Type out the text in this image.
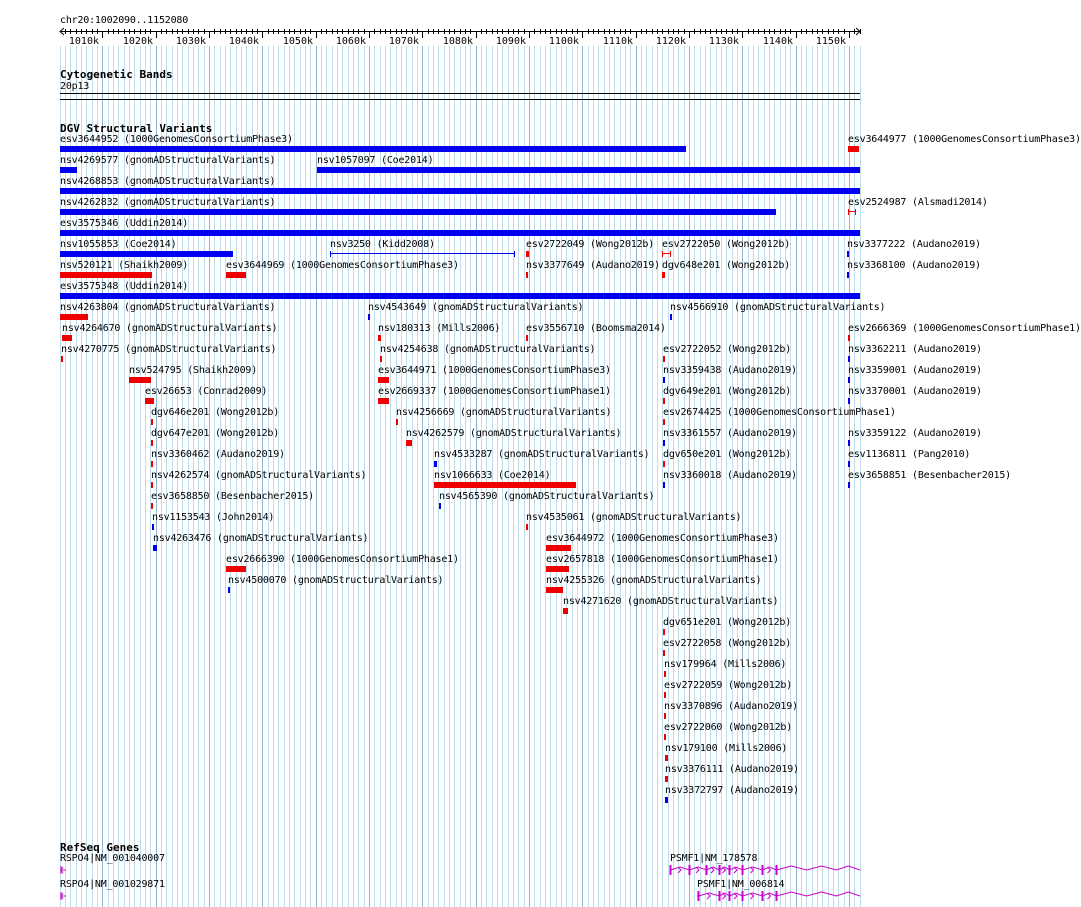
chr20:1002090..1152080
1010k 1020k 1030k 1040k 1050k 1060k 1070k 1080k 1090k 1100k 1110k 1120k 1130k 1140k 1150k
Cytogenetic Bands
20p13
DGV Structural Variants
RefSeq Genes
esv3644952 (1000GenomesConsortiumPhase3)	esv3644977 (1000GenomesConsortiumPhase3)
nsv4269577 (gnomADStructuralVariants)	nsv1057097 (Coe2014)
nsv4268853 (gnomADStructuralVariants)
nsv4262832 (gnomADStructuralVariants)	esv2524987 (Alsmadi2014)
esv3575346 (Uddin2014)
nsv1055853 (Coe2014)	nsv3250 (Kidd2008)	esv2722049 (Wong2012b) esv2722050 (Wong2012b)	nsv3377222 (Audano2019)
nsv520121 (Shaikh2009)	esv3644969 (1000GenomesConsortiumPhase3)	nsv3377649 (Audano2019) dgv648e201 (Wong2012b)	nsv3368100 (Audano2019)
esv3575348 (Uddin2014)
nsv4263804 (gnomADStructuralVariants)	nsv4543649 (gnomADStructuralVariants)	nsv4566910 (gnomADStructuralVariants)
nsv4264670 (gnomADStructuralVariants)	nsv180313 (Mills2006)	esv3556710 (Boomsma2014)	esv2666369 (1000GenomesConsortiumPhase1)
nsv4270775 (gnomADStructuralVariants)	nsv4254638 (gnomADStructuralVariants)	esv2722052 (Wong2012b)	nsv3362211 (Audano2019)
nsv524795 (Shaikh2009)	esv3644971 (1000GenomesConsortiumPhase3)	nsv3359438 (Audano2019)	nsv3359001 (Audano2019)
esv26653 (Conrad2009)	esv2669337 (1000GenomesConsortiumPhase1)	dgv649e201 (Wong2012b)	nsv3370001 (Audano2019)
dgv646e201 (Wong2012b)	nsv4256669 (gnomADStructuralVariants)	esv2674425 (1000GenomesConsortiumPhase1)
dgv647e201 (Wong2012b)	nsv4262579 (gnomADStructuralVariants)	nsv3361557 (Audano2019)	nsv3359122 (Audano2019)
nsv3360462 (Audano2019)	nsv4533287 (gnomADStructuralVariants) dgv650e201 (Wong2012b)	esv1136811 (Pang2010)
nsv4262574 (gnomADStructuralVariants)	nsv1066633 (Coe2014)	nsv3360018 (Audano2019)	esv3658851 (Besenbacher2015)
esv3658850 (Besenbacher2015)	nsv4565390 (gnomADStructuralVariants)
nsv1153543 (John2014)	nsv4535061 (gnomADStructuralVariants)
nsv4263476 (gnomADStructuralVariants)	esv3644972 (1000GenomesConsortiumPhase3)
esv2666390 (1000GenomesConsortiumPhase1)	esv2657818 (1000GenomesConsortiumPhase1)
nsv4500070 (gnomADStructuralVariants)	nsv4255326 (gnomADStructuralVariants)
nsv4271620 (gnomADStructuralVariants)
dgv651e201 (Wong2012b)
esv2722058 (Wong2012b)
nsv179964 (Mills2006)
esv2722059 (Wong2012b)
nsv3370896 (Audano2019)
esv2722060 (Wong2012b)
nsv179100 (Mills2006)
nsv3376111 (Audano2019)
nsv3372797 (Audano2019)
RSPO4|NM_001040007	PSMF1|NM_178578
RSPO4|NM_001029871	PSMF1|NM_006814
